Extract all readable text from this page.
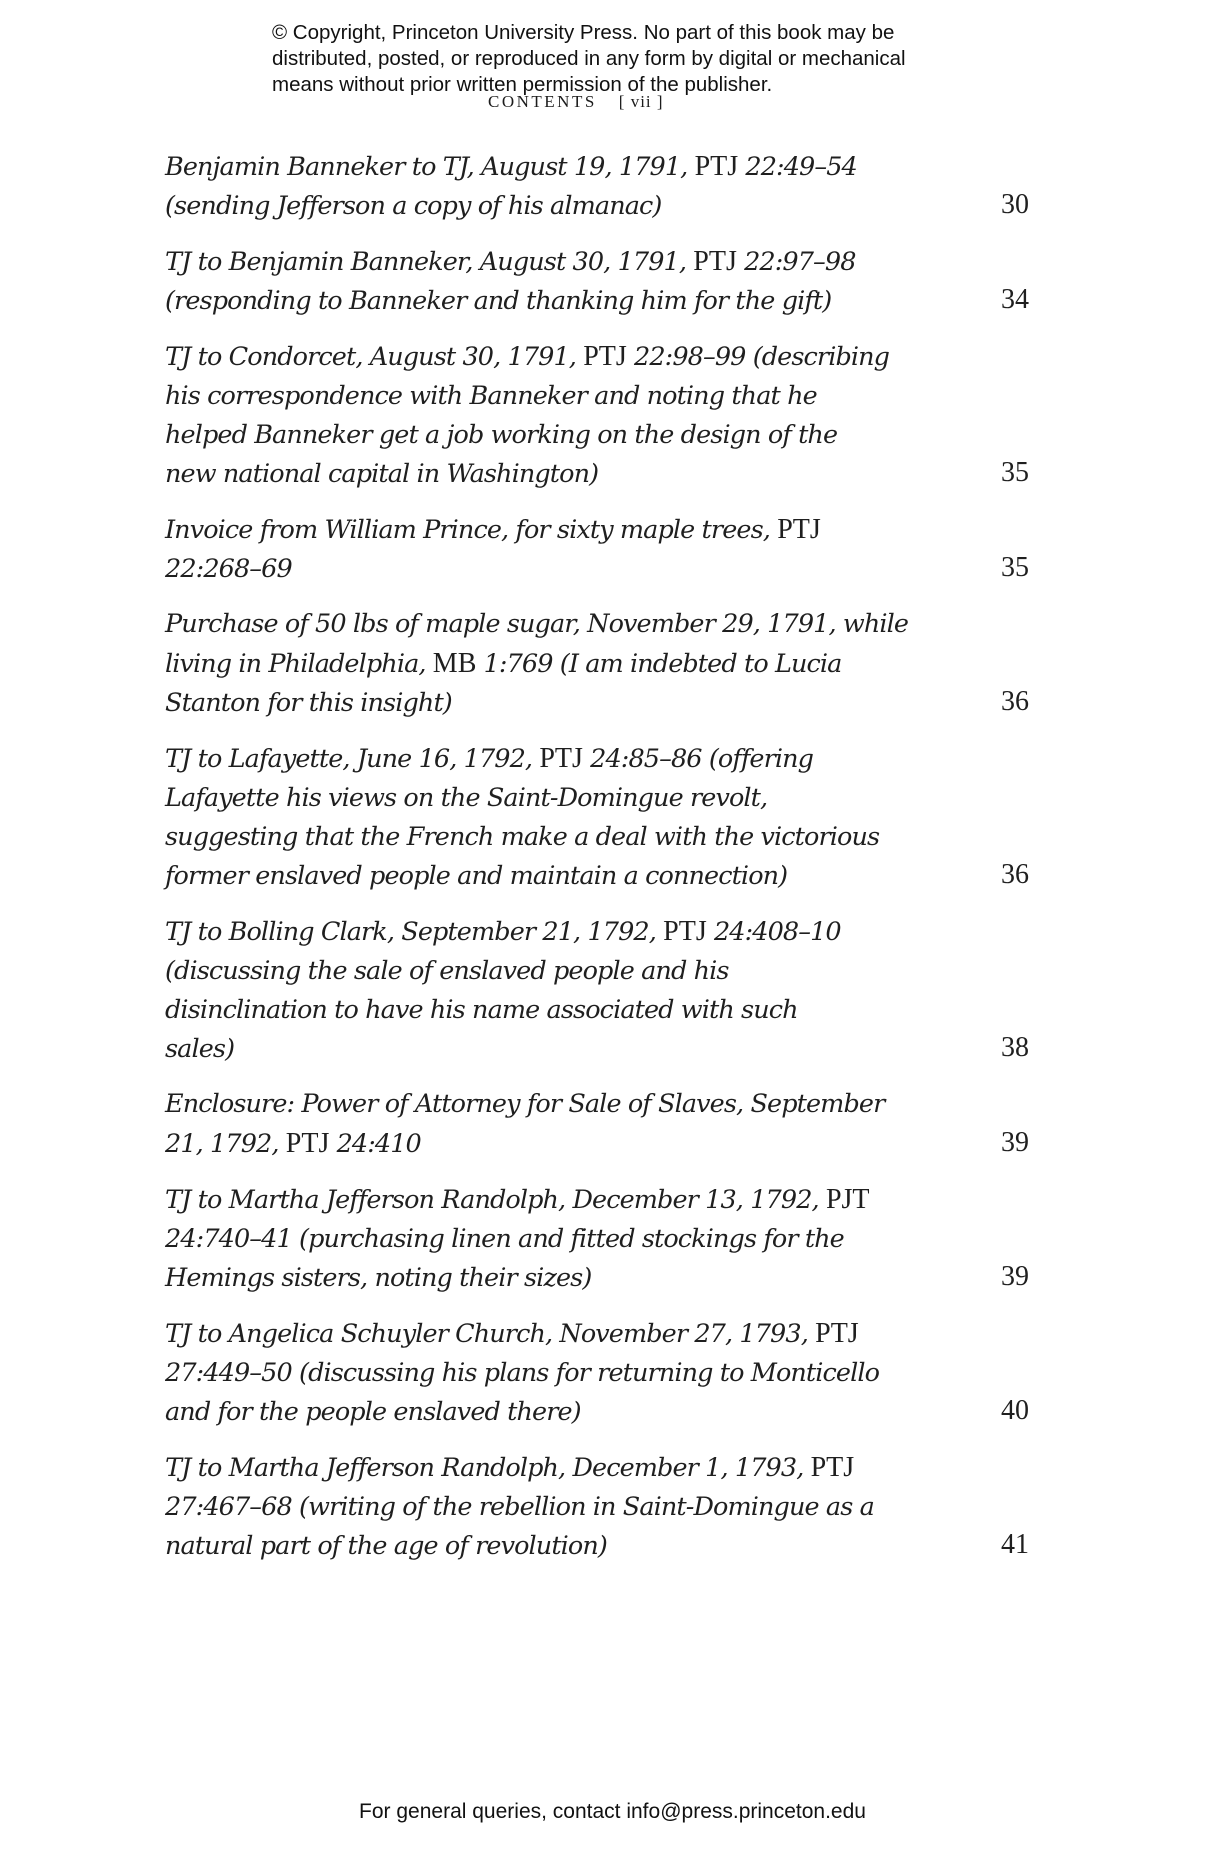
© Copyright, Princeton University Press. No part of this book may be
distributed, posted, or reproduced in any form by digital or mechanical
means without prior written permission of the publisher.
CONTENTS [ vii ]
Benjamin Banneker to TJ, August 19, 1791, PTJ 22:49–54
(sending Jefferson a copy of his almanac)	30
TJ to Benjamin Banneker, August 30, 1791, PTJ 22:97–98
(responding to Banneker and thanking him for the gift)	34
TJ to Condorcet, August 30, 1791, PTJ 22:98–99 (describing
his correspondence with Banneker and noting that he
helped Banneker get a job working on the design of the
new national capital in Washington)	35
Invoice from William Prince, for sixty maple trees, PTJ
22:268–69	35
Purchase of 50 lbs of maple sugar, November 29, 1791, while
living in Philadelphia, MB 1:769 (I am indebted to Lucia
Stanton for this insight)	36
TJ to Lafayette, June 16, 1792, PTJ 24:85–86 (offering
Lafayette his views on the Saint-Domingue revolt,
suggesting that the French make a deal with the victorious
former enslaved people and maintain a connection)	36
TJ to Bolling Clark, September 21, 1792, PTJ 24:408–10
(discussing the sale of enslaved people and his
disinclination to have his name associated with such
sales)	38
Enclosure: Power of Attorney for Sale of Slaves, September
21, 1792, PTJ 24:410	39
TJ to Martha Jefferson Randolph, December 13, 1792, PJT
24:740–41 (purchasing linen and fitted stockings for the
Hemings sisters, noting their sizes)	39
TJ to Angelica Schuyler Church, November 27, 1793, PTJ
27:449–50 (discussing his plans for returning to Monticello
and for the people enslaved there)	40
TJ to Martha Jefferson Randolph, December 1, 1793, PTJ
27:467–68 (writing of the rebellion in Saint-Domingue as a
natural part of the age of revolution)	41
For general queries, contact info@press.princeton.edu
